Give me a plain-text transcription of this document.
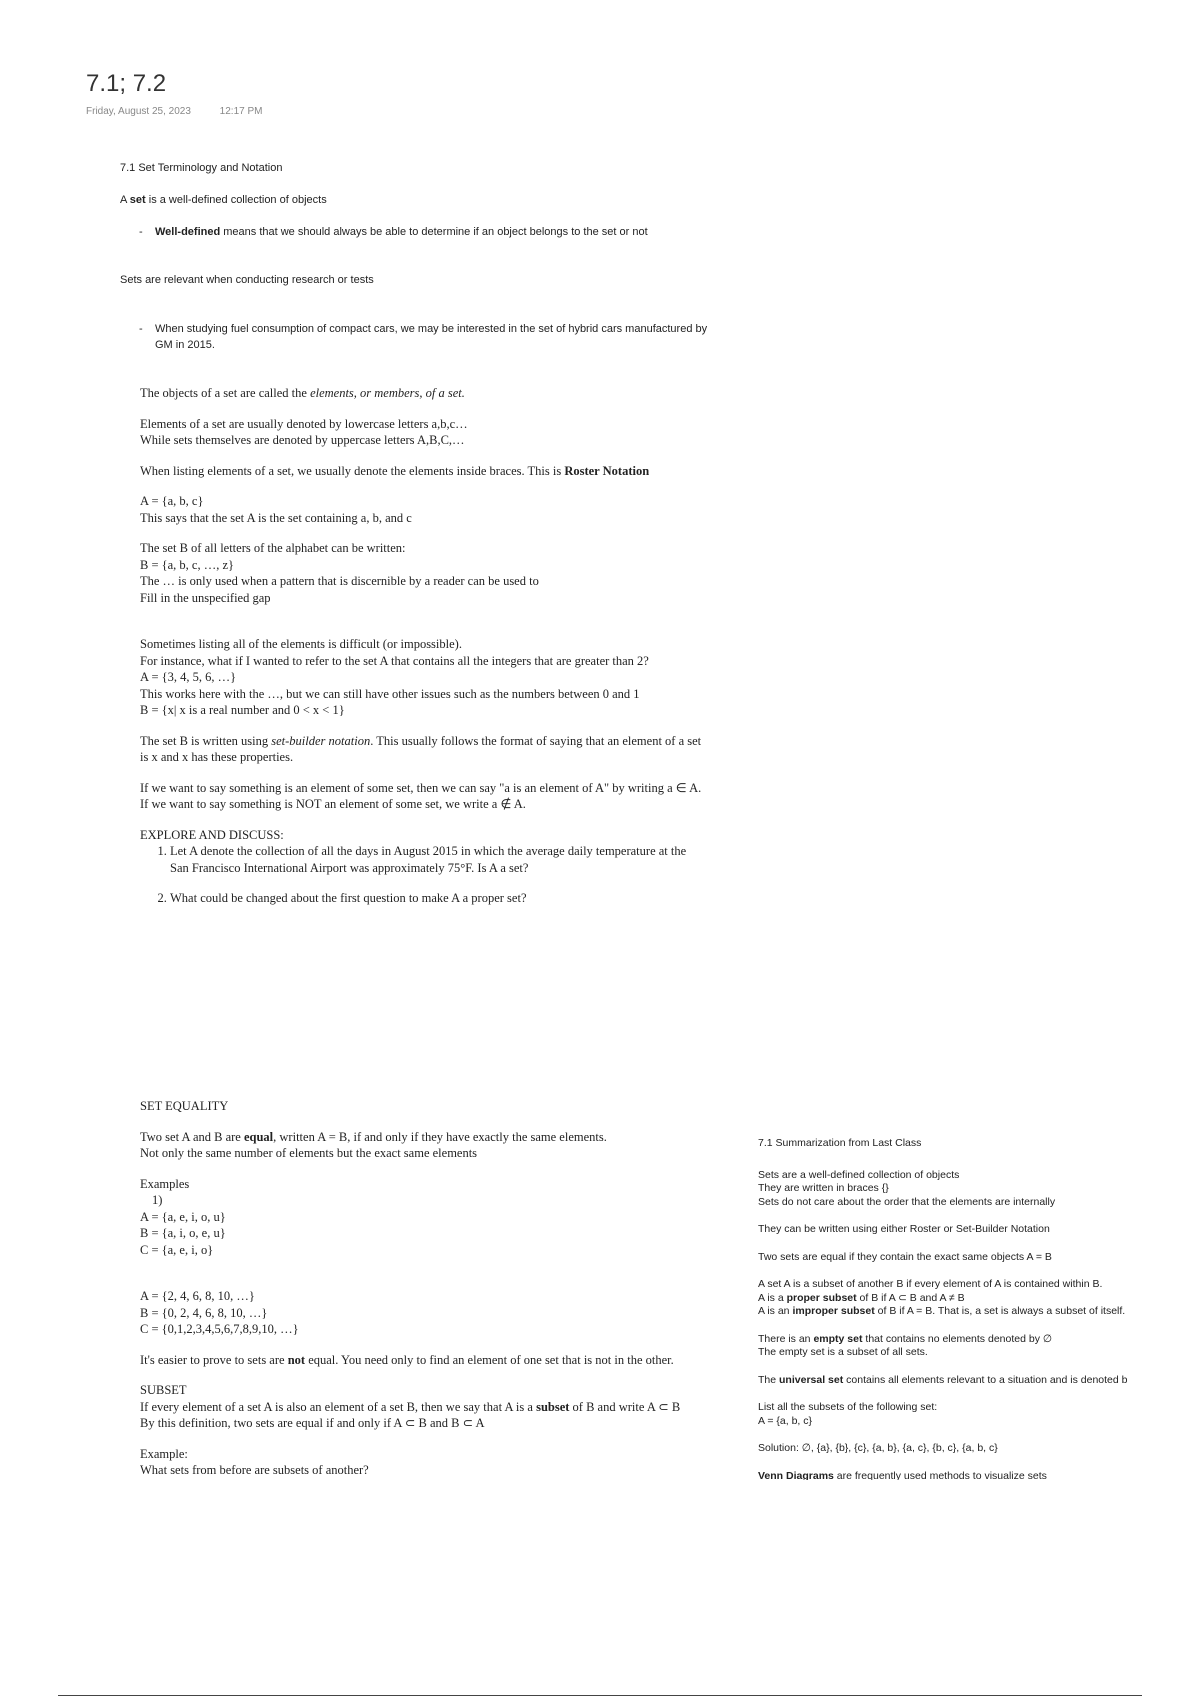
7.1; 7.2
Friday, August 25, 2023	12:17 PM
7.1 Set Terminology and Notation
A set is a well-defined collection of objects
- Well-defined means that we should always be able to determine if an object belongs to the set or not
Sets are relevant when conducting research or tests
- When studying fuel consumption of compact cars, we may be interested in the set of hybrid cars manufactured by GM in 2015.

The objects of a set are called the elements, or members, of a set.

Elements of a set are usually denoted by lowercase letters a,b,c…

While sets themselves are denoted by uppercase letters A,B,C,…

When listing elements of a set, we usually denote the elements inside braces. This is Roster Notation

A = {a, b, c}

This says that the set A is the set containing a, b, and c

The set B of all letters of the alphabet can be written:

B = {a, b, c, …, z}

The … is only used when a pattern that is discernible by a reader can be used to

Fill in the unspecified gap

Sometimes listing all of the elements is difficult (or impossible).

For instance, what if I wanted to refer to the set A that contains all the integers that are greater than 2?

A = {3, 4, 5, 6, …}

This works here with the …, but we can still have other issues such as the numbers between 0 and 1

B = {x| x is a real number and 0 < x < 1}

The set B is written using set-builder notation. This usually follows the format of saying that an element of a set is x and x has these properties.

If we want to say something is an element of some set, then we can say "a is an element of A" by writing a ∈ A.

If we want to say something is NOT an element of some set, we write a ∉ A.

EXPLORE AND DISCUSS:

1. Let A denote the collection of all the days in August 2015 in which the average daily temperature at the San Francisco International Airport was approximately 75°F. Is A a set?
2. What could be changed about the first question to make A a proper set?

SET EQUALITY

Two set A and B are equal, written A = B, if and only if they have exactly the same elements.

Not only the same number of elements but the exact same elements

Examples

1)

A = {a, e, i, o, u}

B = {a, i, o, e, u}

C = {a, e, i, o}

A = {2, 4, 6, 8, 10, …}

B = {0, 2, 4, 6, 8, 10, …}

C = {0,1,2,3,4,5,6,7,8,9,10, …}

It's easier to prove to sets are not equal. You need only to find an element of one set that is not in the other.

SUBSET

If every element of a set A is also an element of a set B, then we say that A is a subset of B and write A ⊂ B

By this definition, two sets are equal if and only if A ⊂ B and B ⊂ A

Example:

What sets from before are subsets of another?

7.1 Summarization from Last Class
Sets are a well-defined collection of objects
They are written in braces {}
Sets do not care about the order that the elements are internally
They can be written using either Roster or Set-Builder Notation
Two sets are equal if they contain the exact same objects A = B
A set A is a subset of another B if every element of A is contained within B.
A is a proper subset of B if A ⊂ B and A ≠ B
A is an improper subset of B if A = B. That is, a set is always a subset of itself.
There is an empty set that contains no elements denoted by ∅
The empty set is a subset of all sets.
The universal set contains all elements relevant to a situation and is denoted b
List all the subsets of the following set:
A = {a, b, c}
Solution: ∅, {a}, {b}, {c}, {a, b}, {a, c}, {b, c}, {a, b, c}
Venn Diagrams are frequently used methods to visualize sets
